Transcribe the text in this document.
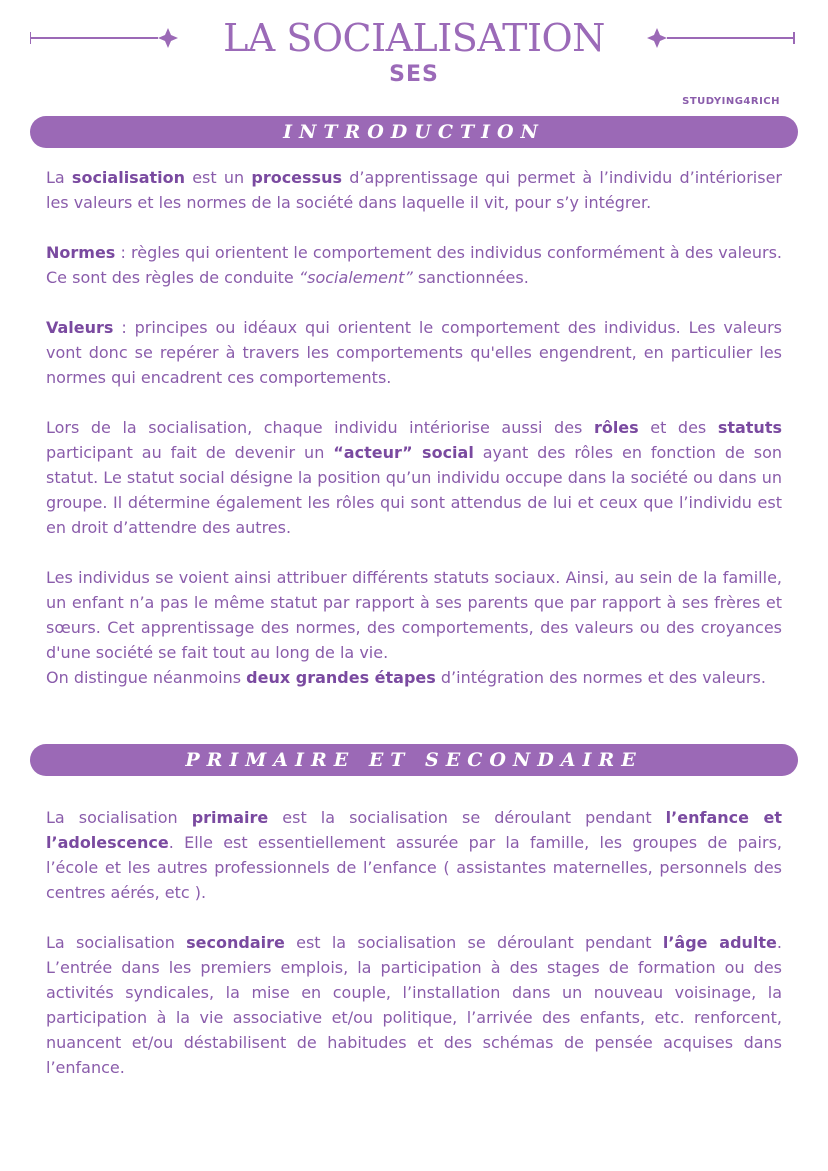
LA SOCIALISATION
SES
STUDYING4RICH
INTRODUCTION

La socialisation est un processus d’apprentissage qui permet à l’individu d’intérioriser les valeurs et les normes de la société dans laquelle il vit, pour s’y intégrer.

Normes : règles qui orientent le comportement des individus conformément à des valeurs. Ce sont des règles de conduite “socialement” sanctionnées.

Valeurs : principes ou idéaux qui orientent le comportement des individus. Les valeurs vont donc se repérer à travers les comportements qu'elles engendrent, en particulier les normes qui encadrent ces comportements.

Lors de la socialisation, chaque individu intériorise aussi des rôles et des statuts participant au fait de devenir un “acteur” social ayant des rôles en fonction de son statut. Le statut social désigne la position qu’un individu occupe dans la société ou dans un groupe. Il détermine également les rôles qui sont attendus de lui et ceux que l’individu est en droit d’attendre des autres.

Les individus se voient ainsi attribuer différents statuts sociaux. Ainsi, au sein de la famille, un enfant n’a pas le même statut par rapport à ses parents que par rapport à ses frères et sœurs. Cet apprentissage des normes, des comportements, des valeurs ou des croyances d'une société se fait tout au long de la vie.
On distingue néanmoins deux grandes étapes d’intégration des normes et des valeurs.

PRIMAIRE ET SECONDAIRE

La socialisation primaire est la socialisation se déroulant pendant l’enfance et l’adolescence. Elle est essentiellement assurée par la famille, les groupes de pairs, l’école et les autres professionnels de l’enfance ( assistantes maternelles, personnels des centres aérés, etc ).

La socialisation secondaire est la socialisation se déroulant pendant l’âge adulte. L’entrée dans les premiers emplois, la participation à des stages de formation ou des activités syndicales, la mise en couple, l’installation dans un nouveau voisinage, la participation à la vie associative et/ou politique, l’arrivée des enfants, etc. renforcent, nuancent et/ou déstabilisent de habitudes et des schémas de pensée acquises dans l’enfance.
